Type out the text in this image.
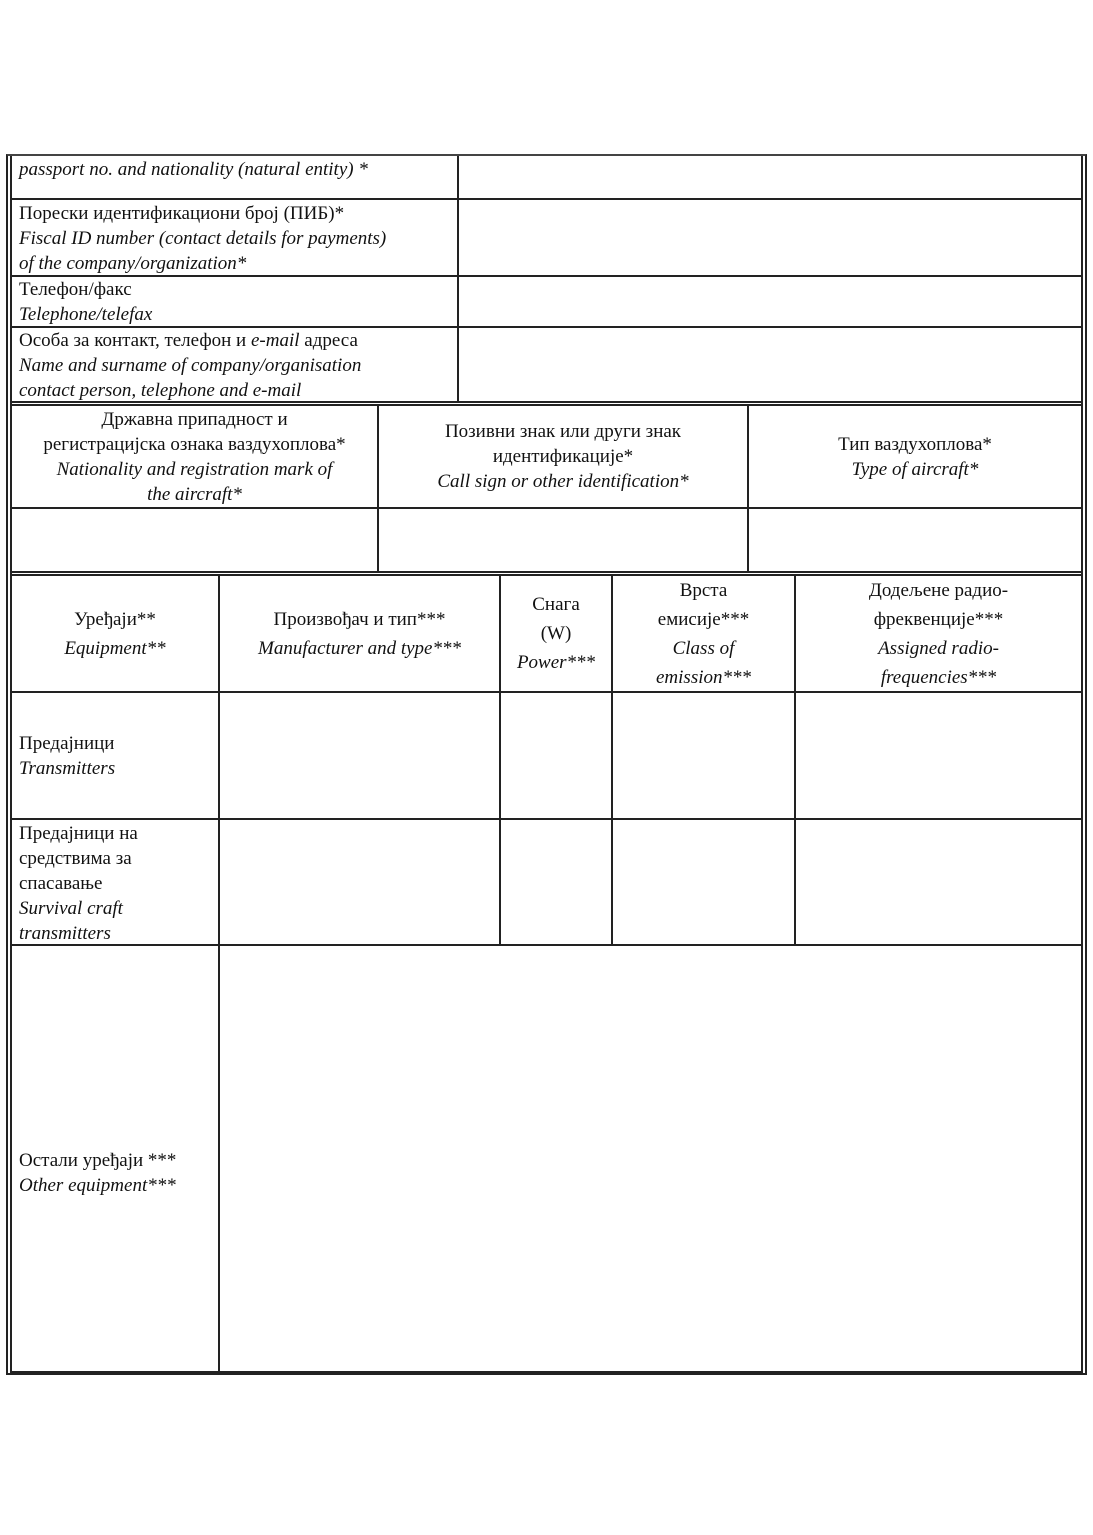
passport no. and nationality (natural entity) *
Порески идентификациони број (ПИБ)*
Fiscal ID number (contact details for payments)
of the company/organization*
Телефон/факс
Telephone/telefax
Особа за контакт, телефон и e-mail адреса
Name and surname of company/organisation
contact person, telephone and e-mail
Државна припадност и
регистрацијска ознака ваздухоплова*
Nationality and registration mark of
the aircraft*
Позивни знак или други знак
идентификације*
Call sign or other identification*
Тип ваздухоплова*
Type of aircraft*
Уређаји**
Equipment**
Произвођач и тип***
Manufacturer and type***
Снага
(W)
Power***
Врста
емисије***
Class of
emission***
Додељене радио-
фреквенције***
Assigned radio-
frequencies***
Предајници
Transmitters
Предајници на
средствима за
спасавање
Survival craft
transmitters
Остали уређаји ***
Other equipment***
